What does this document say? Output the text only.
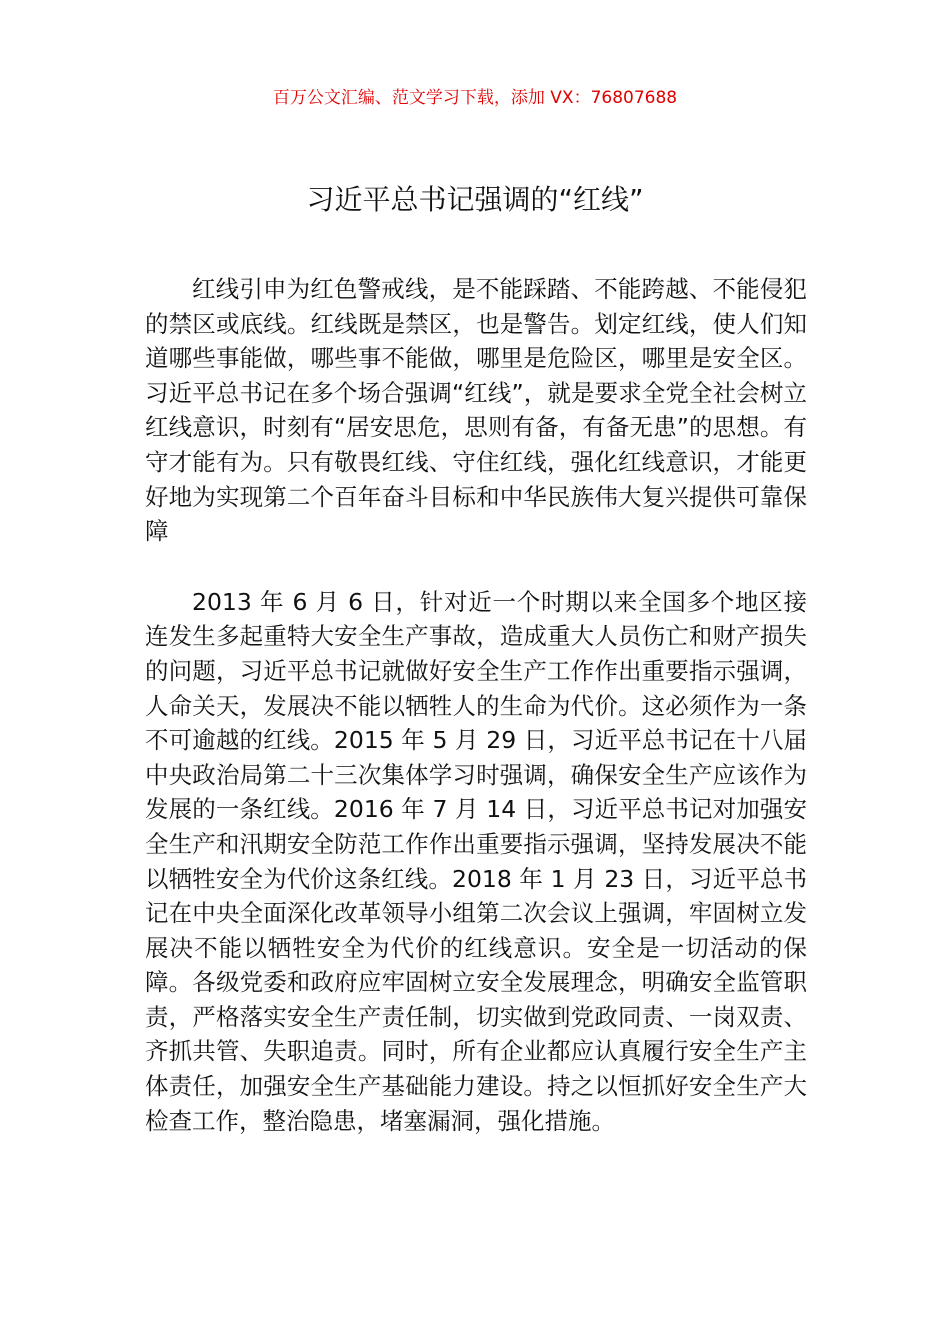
百万公文汇编、范文学习下载，添加 VX：76807688
习近平总书记强调的“红线”

红线引申为红色警戒线，是不能踩踏、不能跨越、不能侵犯的禁区或底线。红线既是禁区，也是警告。划定红线，使人们知道哪些事能做，哪些事不能做，哪里是危险区，哪里是安全区。习近平总书记在多个场合强调“红线”，就是要求全党全社会树立红线意识，时刻有“居安思危，思则有备，有备无患”的思想。有守才能有为。只有敬畏红线、守住红线，强化红线意识，才能更好地为实现第二个百年奋斗目标和中华民族伟大复兴提供可靠保障

2013 年 6 月 6 日，针对近一个时期以来全国多个地区接连发生多起重特大安全生产事故，造成重大人员伤亡和财产损失的问题，习近平总书记就做好安全生产工作作出重要指示强调，人命关天，发展决不能以牺牲人的生命为代价。这必须作为一条不可逾越的红线。2015 年 5 月 29 日，习近平总书记在十八届中央政治局第二十三次集体学习时强调，确保安全生产应该作为发展的一条红线。2016 年 7 月 14 日，习近平总书记对加强安全生产和汛期安全防范工作作出重要指示强调，坚持发展决不能以牺牲安全为代价这条红线。2018 年 1 月 23 日，习近平总书记在中央全面深化改革领导小组第二次会议上强调，牢固树立发展决不能以牺牲安全为代价的红线意识。安全是一切活动的保障。各级党委和政府应牢固树立安全发展理念，明确安全监管职责，严格落实安全生产责任制，切实做到党政同责、一岗双责、齐抓共管、失职追责。同时，所有企业都应认真履行安全生产主体责任，加强安全生产基础能力建设。持之以恒抓好安全生产大检查工作，整治隐患，堵塞漏洞，强化措施。
